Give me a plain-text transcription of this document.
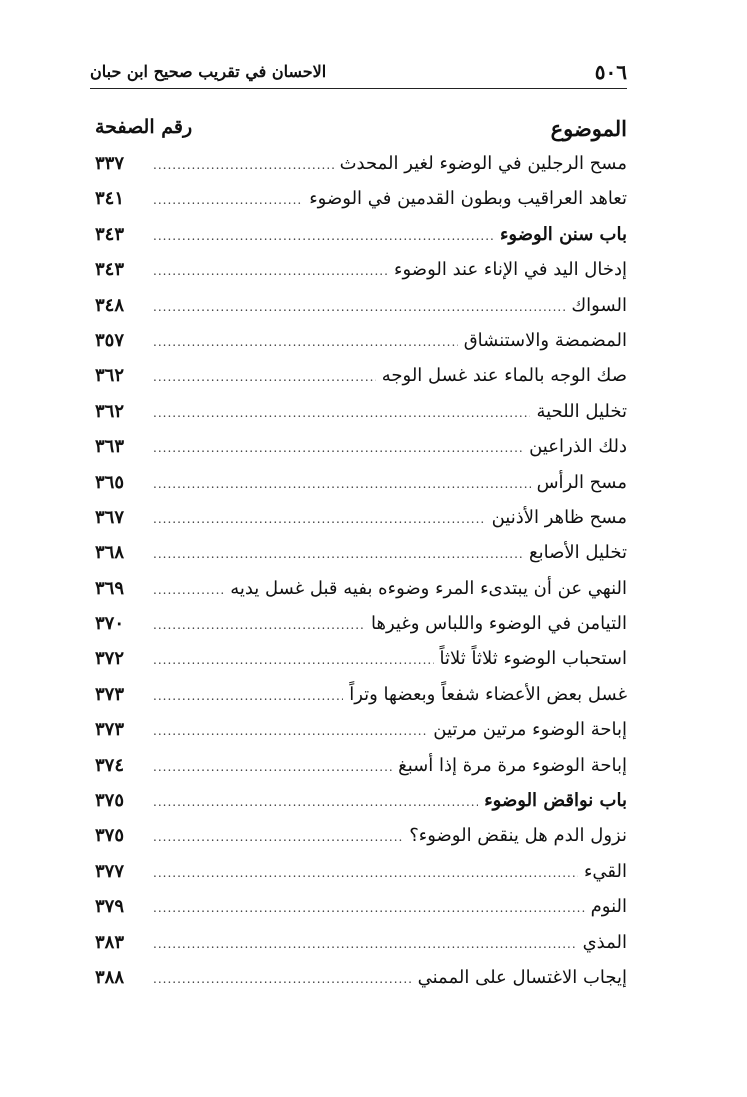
٥٠٦
الاحسان في تقريب صحيح ابن حبان
الموضوع
رقم الصفحة
مسح الرجلين في الوضوء لغير المحدث
.....
٣٣٧
تعاهد العراقيب وبطون القدمين في الوضوء
.....
٣٤١
باب سنن الوضوء
.....
٣٤٣
إدخال اليد في الإناء عند الوضوء
.....
٣٤٣
السواك
.....
٣٤٨
المضمضة والاستنشاق
.....
٣٥٧
صك الوجه بالماء عند غسل الوجه
.....
٣٦٢
تخليل اللحية
.....
٣٦٢
دلك الذراعين
.....
٣٦٣
مسح الرأس
.....
٣٦٥
مسح ظاهر الأذنين
.....
٣٦٧
تخليل الأصابع
.....
٣٦٨
النهي عن أن يبتدىء المرء وضوءه بفيه قبل غسل يديه
.....
٣٦٩
التيامن في الوضوء واللباس وغيرها
.....
٣٧٠
استحباب الوضوء ثلاثاً ثلاثاً
.....
٣٧٢
غسل بعض الأعضاء شفعاً وبعضها وتراً
.....
٣٧٣
إباحة الوضوء مرتين مرتين
.....
٣٧٣
إباحة الوضوء مرة مرة إذا أسبغ
.....
٣٧٤
باب نواقض الوضوء
.....
٣٧٥
نزول الدم هل ينقض الوضوء؟
.....
٣٧٥
القيء
.....
٣٧٧
النوم
.....
٣٧٩
المذي
.....
٣٨٣
إيجاب الاغتسال على الممني
.....
٣٨٨
